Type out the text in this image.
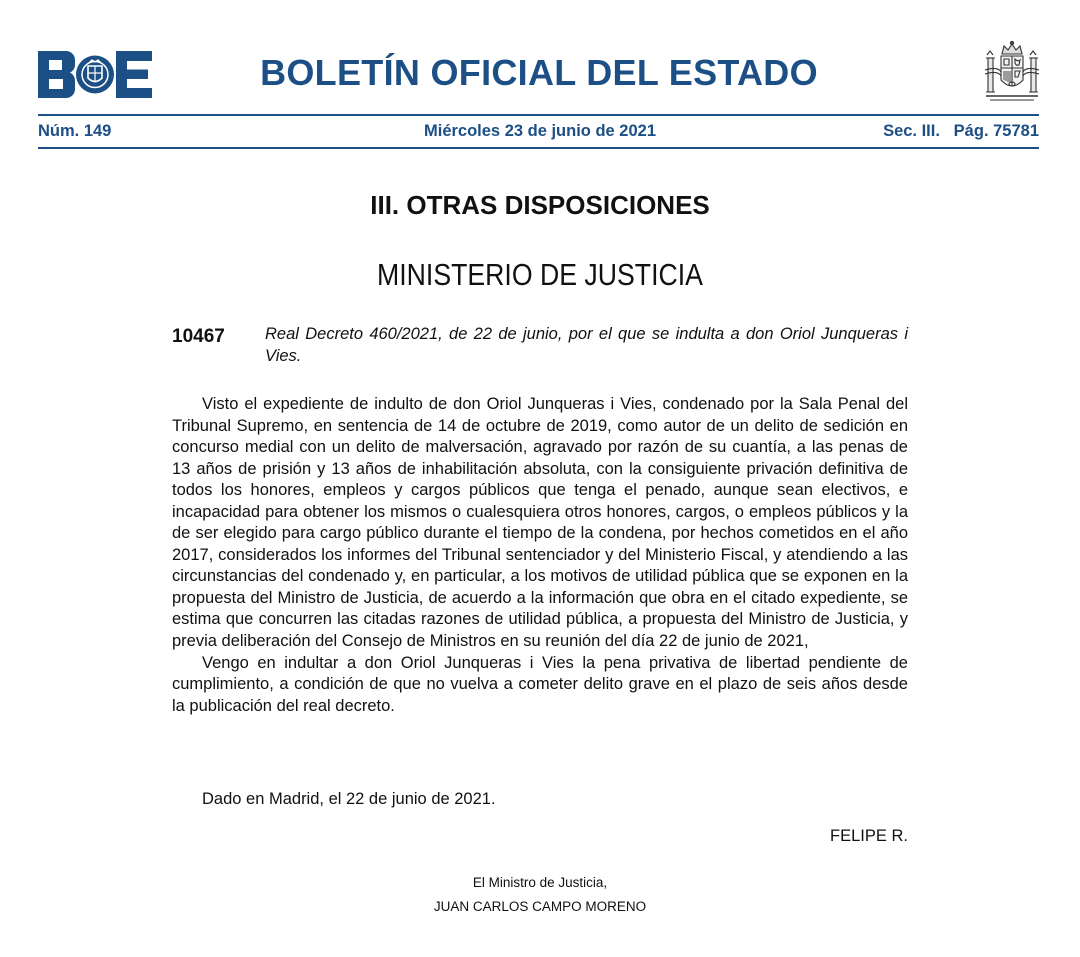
BOLETÍN OFICIAL DEL ESTADO
Núm. 149	Miércoles 23 de junio de 2021	Sec. III.   Pág. 75781
III. OTRAS DISPOSICIONES
MINISTERIO DE JUSTICIA
10467 Real Decreto 460/2021, de 22 de junio, por el que se indulta a don Oriol Junqueras i Vies.

Visto el expediente de indulto de don Oriol Junqueras i Vies, condenado por la Sala Penal del Tribunal Supremo, en sentencia de 14 de octubre de 2019, como autor de un delito de sedición en concurso medial con un delito de malversación, agravado por razón de su cuantía, a las penas de 13 años de prisión y 13 años de inhabilitación absoluta, con la consiguiente privación definitiva de todos los honores, empleos y cargos públicos que tenga el penado, aunque sean electivos, e incapacidad para obtener los mismos o cualesquiera otros honores, cargos, o empleos públicos y la de ser elegido para cargo público durante el tiempo de la condena, por hechos cometidos en el año 2017, considerados los informes del Tribunal sentenciador y del Ministerio Fiscal, y atendiendo a las circunstancias del condenado y, en particular, a los motivos de utilidad pública que se exponen en la propuesta del Ministro de Justicia, de acuerdo a la información que obra en el citado expediente, se estima que concurren las citadas razones de utilidad pública, a propuesta del Ministro de Justicia, y previa deliberación del Consejo de Ministros en su reunión del día 22 de junio de 2021,

Vengo en indultar a don Oriol Junqueras i Vies la pena privativa de libertad pendiente de cumplimiento, a condición de que no vuelva a cometer delito grave en el plazo de seis años desde la publicación del real decreto.

Dado en Madrid, el 22 de junio de 2021.
FELIPE R.
El Ministro de Justicia,
JUAN CARLOS CAMPO MORENO
